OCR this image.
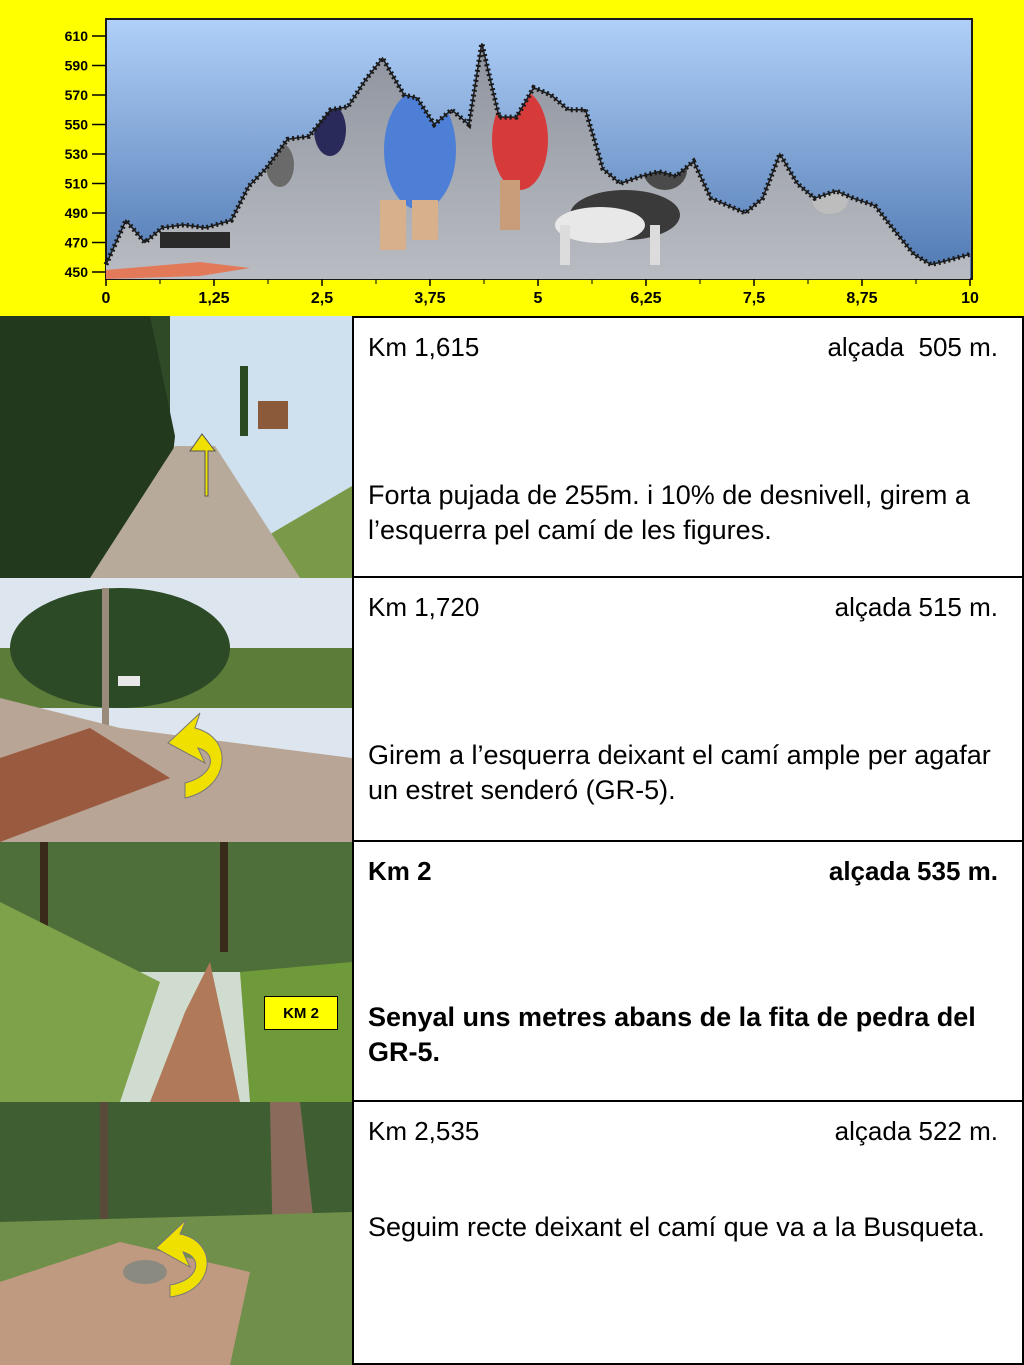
610
590
570
550
530
510
490
470
450
0	1,25	2,5	3,75	5	6,25	7,5	8,75	10
Km 1,615	alçada  505 m.
Forta pujada de 255m. i 10% de desnivell, girem a l’esquerra pel camí de les figures.
Km 1,720	alçada 515 m.
Girem a l’esquerra deixant el camí ample per agafar un estret senderó (GR-5).
KM 2
Km 2	alçada 535 m.
Senyal uns metres abans de la fita de pedra del GR-5.
Km 2,535	alçada 522 m.
Seguim recte deixant el camí que va a la Busqueta.
